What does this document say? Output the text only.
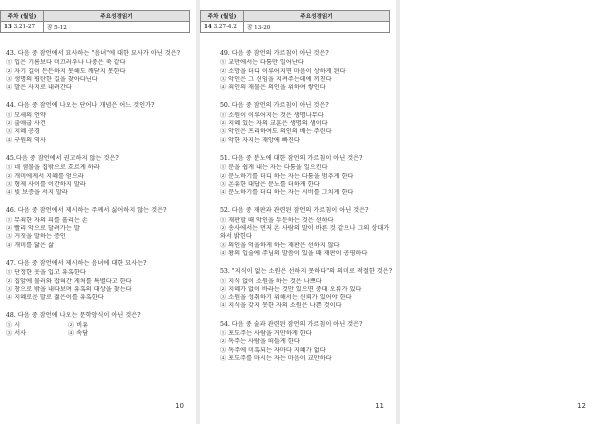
주차 (월일)	주요성경읽기
13 3.21-27	잠 5-12
43. 다음 중 잠언에서 묘사하는 "음녀"에 대한 묘사가 아닌 것은?
① 입은 기름보다 미끄러우나 나중은 쑥 같다
② 자기 길이 든든하지 못해도 깨닫지 못한다
③ 생명의 평탄한 길을 찾아다닌다
④ 발은 사지로 내려간다
44. 다음 중 잠언에 나오는 단어나 개념은 어느 것인가?
① 모세의 언약
② 출애굽 사건
③ 지혜 공경
④ 구원의 역사
45.다음 중 잠언에서 권고하지 않는 것은?
① 네 샘물을 집밖으로 흐르게 하라
② 개미에게서 지혜를 얻으라
③ 형제 사이를 이간하지 말라
④ 빚 보증을 서지 말라
46. 다음 중 잠언에서 제시하는 주께서 싫어하지 않는 것은?
① 무죄한 자의 피를 흘리는 손
② 빨리 악으로 달려가는 발
③ 거짓을 말하는 증인
④ 개미를 닮은 삶
47. 다음 중 잠언에서 제시하는 음녀에 대한 묘사는?
① 단정한 옷을 입고 유혹한다
② 집앞에 물러와 잡혀간 게처를 특별다고 한다
③ 창으로 밖을 내다보며 유혹의 대상을 찾는다
④ 지혜로운 말로 젊은이를 유혹한다
48. 다음 중 잠언에 나오는 문학양식이 아닌 것은?
① 시	② 비유
③ 서사	④ 속담
10
주차 (월일)	주요성경읽기
14 3.27-4.2	잠 13-20
49. 다음 중 잠언의 가르침이 아닌 것은?
① 교만에서는 다툼만 일어난다
② 소망을 더디 이루어지면 마음이 상하게 된다
③ 악인은 그 신임을 지켜주는데에 끼친다
④ 죄인의 재물은 의인을 위하여 쌓인다
50. 다음 중 잠언의 가르침이 아닌 것은?
① 소원이 이루어지는 것은 생명나무다
② 지혜 있는 자의 교훈은 생명의 샘이다
③ 악인은 프리하여도 의인의 배는 주린다
④ 악한 자지는 재앙에 빠진다
51. 다음 중 분노에 대한 잠언의 가르침이 아닌 것은?
① 분을 쉽게 내는 자는 다툼을 일으킨다
② 분노하기를 더디 하는 자는 다툼을 멈추게 한다
③ 온유한 대답은 분노를 더하게 한다
④ 분노하기를 더디 하는 자는 시비를 그치게 한다
52. 다음 중 재판과 관련된 잠언의 가르침이 아닌 것은?
① 재판할 때 악인을 두둔하는 것은 선하다
② 송사에서는 먼저 온 사람의 말이 바른 것 같으나 그의 상대가 와서 밝힌다
③ 의인을 억울하게 하는 재판은 선하지 않다
④ 왕의 입술에 주님의 말씀이 있을 때 재판이 공평하다
53. "지식이 없는 소원은 선하지 못하다"의 의미로 적절한 것은?
① 지식 없이 소원을 하는 것은 나쁘다
② 지혜가 없이 바라는 것만 있으면 중대 오류가 있다
③ 소원을 성취하기 위해서는 신뢰가 있어야 한다
④ 지식을 갖지 못한 자의 소원은 나쁜 것이다
54. 다음 중 술과 관련된 잠언의 가르침이 아닌 것은?
① 포도주는 사람을 거만하게 한다
② 독주는 사람을 떠들게 한다
③ 독주에 미혹되는 자마다 지혜가 없다
④ 포도주를 마시는 자는 마음이 교만하다
11	12
